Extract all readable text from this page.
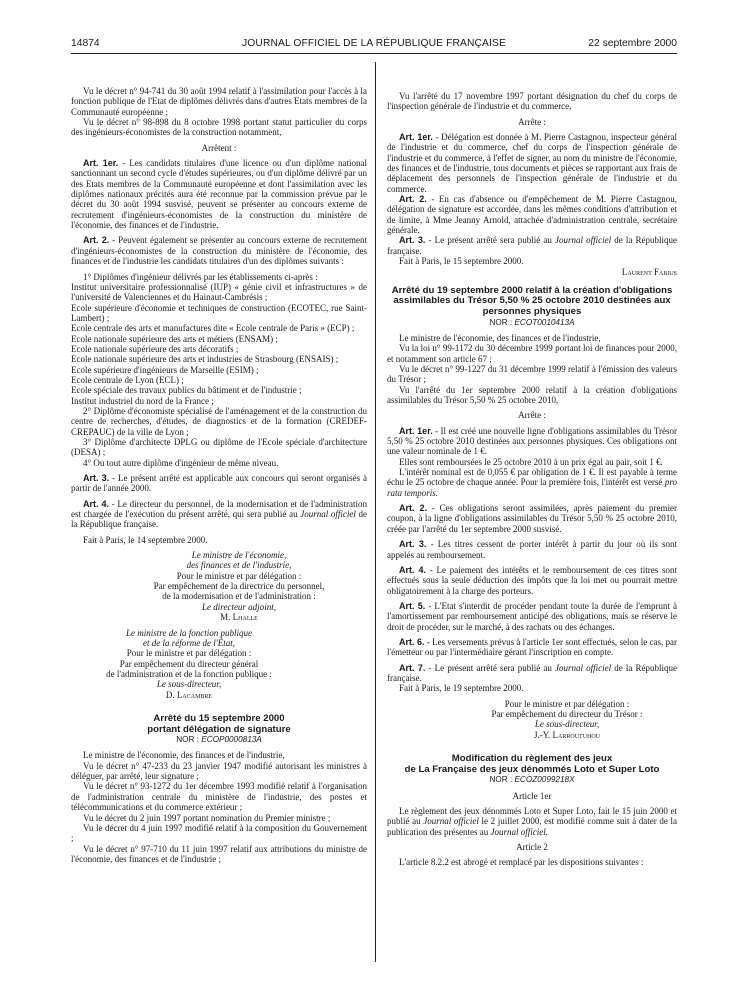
14874	JOURNAL OFFICIEL DE LA RÉPUBLIQUE FRANÇAISE	22 septembre 2000

Vu le décret n° 94-741 du 30 août 1994 relatif à l'assimilation pour l'accès à la fonction publique de l'Etat de diplômes délivrés dans d'autres Etats membres de la Communauté européenne ;

Vu le décret n° 98-898 du 8 octobre 1998 portant statut particulier du corps des ingénieurs-économistes de la construction notamment,

Arrêtent :

Art. 1er. - Les candidats titulaires d'une licence ou d'un diplôme national sanctionnant un second cycle d'études supérieures, ou d'un diplôme délivré par un des Etats membres de la Communauté européenne et dont l'assimilation avec les diplômes nationaux précités aura été reconnue par la commission prévue par le décret du 30 août 1994 susvisé, peuvent se présenter au concours externe de recrutement d'ingénieurs-économistes de la construction du ministère de l'économie, des finances et de l'industrie.

Art. 2. - Peuvent également se présenter au concours externe de recrutement d'ingénieurs-économistes de la construction du ministère de l'économie, des finances et de l'industrie les candidats titulaires d'un des diplômes suivants :

1° Diplômes d'ingénieur délivrés par les établissements ci-après :

Institut universitaire professionnalisé (IUP) « génie civil et infrastructures » de l'université de Valenciennes et du Hainaut-Cambrésis ;

Ecole supérieure d'économie et techniques de construction (ECOTEC, rue Saint-Lambert) ;

Ecole centrale des arts et manufactures dite « Ecole centrale de Paris » (ECP) ;

Ecole nationale supérieure des arts et métiers (ENSAM) ;

Ecole nationale supérieure des arts décoratifs ;

Ecole nationale supérieure des arts et industries de Strasbourg (ENSAIS) ;

Ecole supérieure d'ingénieurs de Marseille (ESIM) ;

Ecole centrale de Lyon (ECL) ;

Ecole spéciale des travaux publics du bâtiment et de l'industrie ;

Institut industriel du nord de la France ;

2° Diplôme d'économiste spécialisé de l'aménagement et de la construction du centre de recherches, d'études, de diagnostics et de la formation (CREDEF-CREPAUC) de la ville de Lyon ;

3° Diplôme d'architecte DPLG ou diplôme de l'Ecole spéciale d'architecture (DESA) ;

4° Ou tout autre diplôme d'ingénieur de même niveau.

Art. 3. - Le présent arrêté est applicable aux concours qui seront organisés à partir de l'année 2000.

Art. 4. - Le directeur du personnel, de la modernisation et de l'administration est chargée de l'exécution du présent arrêté, qui sera publié au Journal officiel de la République française.

Fait à Paris, le 14 septembre 2000.

Le ministre de l'économie,

des finances et de l'industrie,

Pour le ministre et par délégation :

Par empêchement de la directrice du personnel,

de la modernisation et de l'administration :

Le directeur adjoint,

M. Lhalle

Le ministre de la fonction publique

et de la réforme de l'État,

Pour le ministre et par délégation :

Par empêchement du directeur général

de l'administration et de la fonction publique :

Le sous-directeur,

D. Lacambre

Arrêté du 15 septembre 2000
portant délégation de signature

NOR : ECOP0000813A

Le ministre de l'économie, des finances et de l'industrie,

Vu le décret n° 47-233 du 23 janvier 1947 modifié autorisant les ministres à déléguer, par arrêté, leur signature ;

Vu le décret n° 93-1272 du 1er décembre 1993 modifié relatif à l'organisation de l'administration centrale du ministère de l'industrie, des postes et télécommunications et du commerce extérieur ;

Vu le décret du 2 juin 1997 portant nomination du Premier ministre ;

Vu le décret du 4 juin 1997 modifié relatif à la composition du Gouvernement ;

Vu le décret n° 97-710 du 11 juin 1997 relatif aux attributions du ministre de l'économie, des finances et de l'industrie ;

Vu l'arrêté du 17 novembre 1997 portant désignation du chef du corps de l'inspection générale de l'industrie et du commerce,

Arrête :

Art. 1er. - Délégation est donnée à M. Pierre Castagnou, inspecteur général de l'industrie et du commerce, chef du corps de l'inspection générale de l'industrie et du commerce, à l'effet de signer, au nom du ministre de l'économie, des finances et de l'industrie, tous documents et pièces se rapportant aux frais de déplacement des personnels de l'inspection générale de l'industrie et du commerce.

Art. 2. - En cas d'absence ou d'empêchement de M. Pierre Castagnou, délégation de signature est accordée, dans les mêmes conditions d'attribution et de limite, à Mme Jeanny Arnold, attachée d'administration centrale, secrétaire générale.

Art. 3. - Le présent arrêté sera publié au Journal officiel de la République française.

Fait à Paris, le 15 septembre 2000.

Laurent Fabius

Arrêté du 19 septembre 2000 relatif à la création d'obligations assimilables du Trésor 5,50 % 25 octobre 2010 destinées aux personnes physiques

NOR : ECOT0010413A

Le ministre de l'économie, des finances et de l'industrie,

Vu la loi n° 99-1172 du 30 décembre 1999 portant loi de finances pour 2000, et notamment son article 67 ;

Vu le décret n° 99-1227 du 31 décembre 1999 relatif à l'émission des valeurs du Trésor ;

Vu l'arrêté du 1er septembre 2000 relatif à la création d'obligations assimilables du Trésor 5,50 % 25 octobre 2010,

Arrête :

Art. 1er. - Il est créé une nouvelle ligne d'obligations assimilables du Trésor 5,50 % 25 octobre 2010 destinées aux personnes physiques. Ces obligations ont une valeur nominale de 1 €.

Elles sont remboursées le 25 octobre 2010 à un prix égal au pair, soit 1 €.

L'intérêt nominal est de 0,055 € par obligation de 1 €. Il est payable à terme échu le 25 octobre de chaque année. Pour la première fois, l'intérêt est versé pro rata temporis.

Art. 2. - Ces obligations seront assimilées, après paiement du premier coupon, à la ligne d'obligations assimilables du Trésor 5,50 % 25 octobre 2010, créée par l'arrêté du 1er septembre 2000 susvisé.

Art. 3. - Les titres cessent de porter intérêt à partir du jour où ils sont appelés au remboursement.

Art. 4. - Le paiement des intérêts et le remboursement de ces titres sont effectués sous la seule déduction des impôts que la loi met ou pourrait mettre obligatoirement à la charge des porteurs.

Art. 5. - L'Etat s'interdit de procéder pendant toute la durée de l'emprunt à l'amortissement par remboursement anticipé des obligations, mais se réserve le droit de procéder, sur le marché, à des rachats ou des échanges.

Art. 6. - Les versements prévus à l'article 1er sont effectués, selon le cas, par l'émetteur ou par l'intermédiaire gérant l'inscription en compte.

Art. 7. - Le présent arrêté sera publié au Journal officiel de la République française.

Fait à Paris, le 19 septembre 2000.

Pour le ministre et par délégation :

Par empêchement du directeur du Trésor :

Le sous-directeur,

J.-Y. Larroutuhou

Modification du règlement des jeux
de La Française des jeux dénommés Loto et Super Loto

NOR : ECOZ0099218X

Article 1er

Le règlement des jeux dénommés Loto et Super Loto, fait le 15 juin 2000 et publié au Journal officiel le 2 juillet 2000, est modifié comme suit à dater de la publication des présentes au Journal officiel.

Article 2

L'article 8.2.2 est abrogé et remplacé par les dispositions suivantes :
